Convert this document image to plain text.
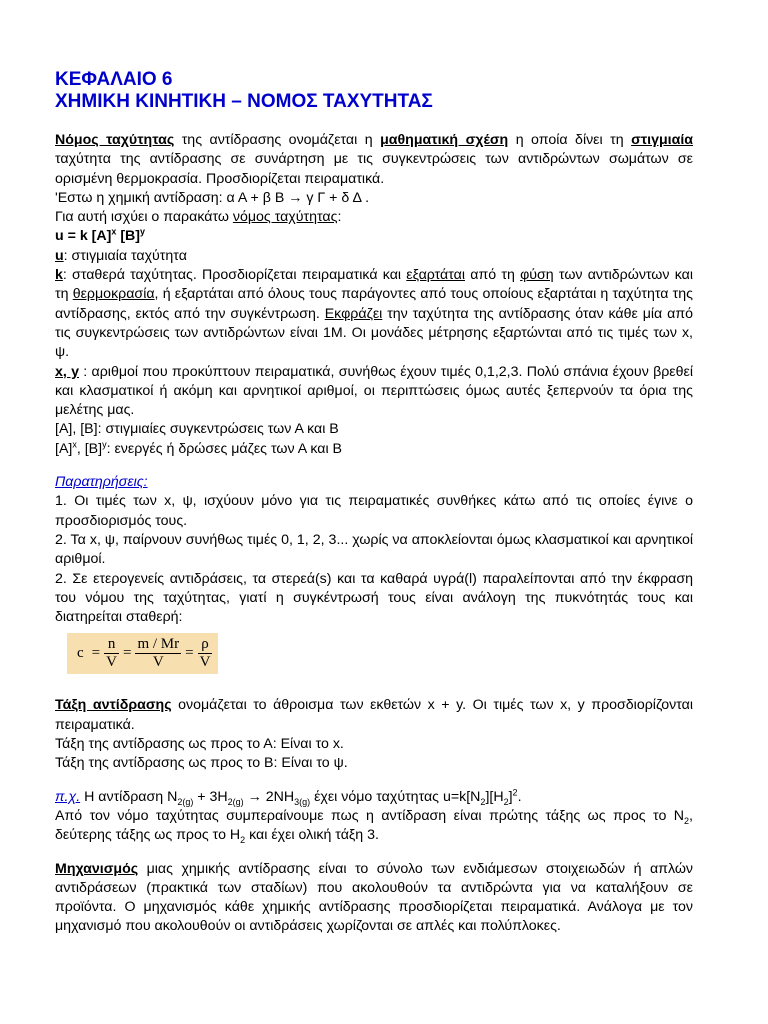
ΚΕΦΑΛΑΙΟ 6
ΧΗΜΙΚΗ ΚΙΝΗΤΙΚΗ – ΝΟΜΟΣ ΤΑΧΥΤΗΤΑΣ

Νόμος ταχύτητας της αντίδρασης ονομάζεται η μαθηματική σχέση η οποία δίνει τη στιγμιαία ταχύτητα της αντίδρασης σε συνάρτηση με τις συγκεντρώσεις των αντιδρώντων σωμάτων σε ορισμένη θερμοκρασία. Προσδιορίζεται πειραματικά.

'Εστω η χημική αντίδραση: α Α + β Β → γ Γ + δ Δ .

Για αυτή ισχύει ο παρακάτω νόμος ταχύτητας:

u = k $[A]^x$ $[B]^y$

u: στιγμιαία ταχύτητα

k: σταθερά ταχύτητας. Προσδιορίζεται πειραματικά και εξαρτάται από τη φύση των αντιδρώντων και τη θερμοκρασία, ή εξαρτάται από όλους τους παράγοντες από τους οποίους εξαρτάται η ταχύτητα της αντίδρασης, εκτός από την συγκέντρωση. Εκφράζει την ταχύτητα της αντίδρασης όταν κάθε μία από τις συγκεντρώσεις των αντιδρώντων είναι 1M. Οι μονάδες μέτρησης εξαρτώνται από τις τιμές των x, ψ.

x, y : αριθμοί που προκύπτουν πειραματικά, συνήθως έχουν τιμές 0,1,2,3. Πολύ σπάνια έχουν βρεθεί και κλασματικοί ή ακόμη και αρνητικοί αριθμοί, οι περιπτώσεις όμως αυτές ξεπερνούν τα όρια της μελέτης μας.

[A], [B]: στιγμιαίες συγκεντρώσεις των Α και Β

$[A]^x$, $[B]^y$: ενεργές ή δρώσες μάζες των Α και Β

Παρατηρήσεις:

1. Οι τιμές των x, ψ, ισχύουν μόνο για τις πειραματικές συνθήκες κάτω από τις οποίες έγινε ο προσδιορισμός τους.

2. Τα x, ψ, παίρνουν συνήθως τιμές 0, 1, 2, 3... χωρίς να αποκλείονται όμως κλασματικοί και αρνητικοί αριθμοί.

2. Σε ετερογενείς αντιδράσεις, τα στερεά(s) και τα καθαρά υγρά(l) παραλείπονται από την έκφραση του νόμου της ταχύτητας, γιατί η συγκέντρωσή τους είναι ανάλογη της πυκνότητάς τους και διατηρείται σταθερή:

$c = \frac{n}{V} = \frac{m / Mr}{V} = \frac{\rho}{V}$

Τάξη αντίδρασης ονομάζεται το άθροισμα των εκθετών x + y. Οι τιμές των x, y προσδιορίζονται πειραματικά.

Τάξη της αντίδρασης ως προς το Α: Είναι το x.

Τάξη της αντίδρασης ως προς το Β: Είναι το ψ.

π.χ. Η αντίδραση $N_{2(g)} + 3H_{2(g)} \to 2NH_{3(g)}$ έχει νόμο ταχύτητας $u=k[N_2][H_2]^2$.

Από τον νόμο ταχύτητας συμπεραίνουμε πως η αντίδραση είναι πρώτης τάξης ως προς το $N_2$, δεύτερης τάξης ως προς το $H_2$ και έχει ολική τάξη 3.

Μηχανισμός μιας χημικής αντίδρασης είναι το σύνολο των ενδιάμεσων στοιχειωδών ή απλών αντιδράσεων (πρακτικά των σταδίων) που ακολουθούν τα αντιδρώντα για να καταλήξουν σε προϊόντα. Ο μηχανισμός κάθε χημικής αντίδρασης προσδιορίζεται πειραματικά. Ανάλογα με τον μηχανισμό που ακολουθούν οι αντιδράσεις χωρίζονται σε απλές και πολύπλοκες.
